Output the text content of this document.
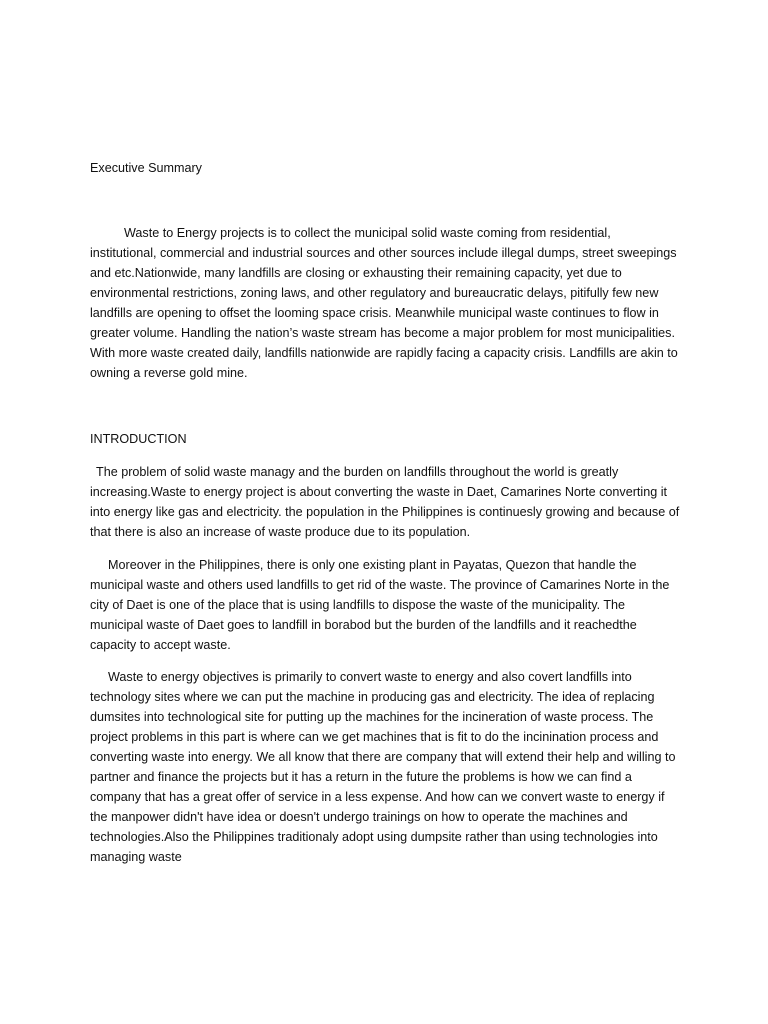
Executive Summary

Waste to Energy projects is to collect the municipal solid waste coming from residential, institutional, commercial and industrial sources and other sources include illegal dumps, street sweepings and etc.Nationwide, many landfills are closing or exhausting their remaining capacity, yet due to environmental restrictions, zoning laws, and other regulatory and bureaucratic delays, pitifully few new landfills are opening to offset the looming space crisis. Meanwhile municipal waste continues to flow in greater volume. Handling the nation’s waste stream has become a major problem for most municipalities. With more waste created daily, landfills nationwide are rapidly facing a capacity crisis. Landfills are akin to owning a reverse gold mine.

INTRODUCTION

The problem of solid waste managy and the burden on landfills throughout the world is greatly increasing.Waste to energy project is about converting the waste in Daet, Camarines Norte converting it into energy like gas and electricity. the population in the Philippines is continuesly growing and because of that there is also an increase of waste produce due to its population.

Moreover in the Philippines, there is only one existing plant in Payatas, Quezon that handle the municipal waste and others used landfills to get rid of the waste. The province of Camarines Norte in the city of Daet is one of the place that is using landfills to dispose the waste of the municipality. The municipal waste of Daet goes to landfill in borabod but the burden of the landfills and it reachedthe capacity to accept waste.

Waste to energy objectives is primarily to convert waste to energy and also covert landfills into technology sites where we can put the machine in producing gas and electricity. The idea of replacing dumsites into technological site for putting up the machines for the incineration of waste process. The project problems in this part is where can we get machines that is fit to do the incinination process and converting waste into energy. We all know that there are company that will extend their help and willing to partner and finance the projects but it has a return in the future the problems is how we can find a company that has a great offer of service in a less expense. And how can we convert waste to energy if the manpower didn't have idea or doesn't undergo trainings on how to operate the machines and technologies.Also the Philippines traditionaly adopt using dumpsite rather than using technologies into managing waste
